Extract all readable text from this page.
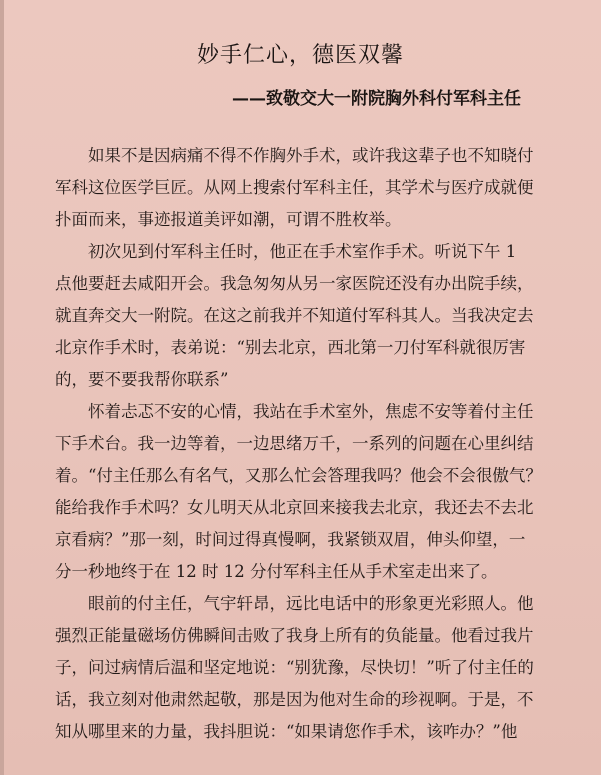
妙手仁心，德医双馨
——致敬交大一附院胸外科付军科主任
　　如果不是因病痛不得不作胸外手术，或许我这辈子也不知晓付
军科这位医学巨匠。从网上搜索付军科主任，其学术与医疗成就便
扑面而来，事迹报道美评如潮，可谓不胜枚举。
　　初次见到付军科主任时，他正在手术室作手术。听说下午 1
点他要赶去咸阳开会。我急匆匆从另一家医院还没有办出院手续，
就直奔交大一附院。在这之前我并不知道付军科其人。当我决定去
北京作手术时，表弟说：“别去北京，西北第一刀付军科就很厉害
的，要不要我帮你联系”
　　怀着忐忑不安的心情，我站在手术室外，焦虑不安等着付主任
下手术台。我一边等着，一边思绪万千，一系列的问题在心里纠结
着。“付主任那么有名气，又那么忙会答理我吗？他会不会很傲气？
能给我作手术吗？女儿明天从北京回来接我去北京，我还去不去北
京看病？”那一刻，时间过得真慢啊，我紧锁双眉，伸头仰望，一
分一秒地终于在 12 时 12 分付军科主任从手术室走出来了。
　　眼前的付主任，气宇轩昂，远比电话中的形象更光彩照人。他
强烈正能量磁场仿佛瞬间击败了我身上所有的负能量。他看过我片
子，问过病情后温和坚定地说：“别犹豫，尽快切！”听了付主任的
话，我立刻对他肃然起敬，那是因为他对生命的珍视啊。于是，不
知从哪里来的力量，我抖胆说：“如果请您作手术，该咋办？”他
